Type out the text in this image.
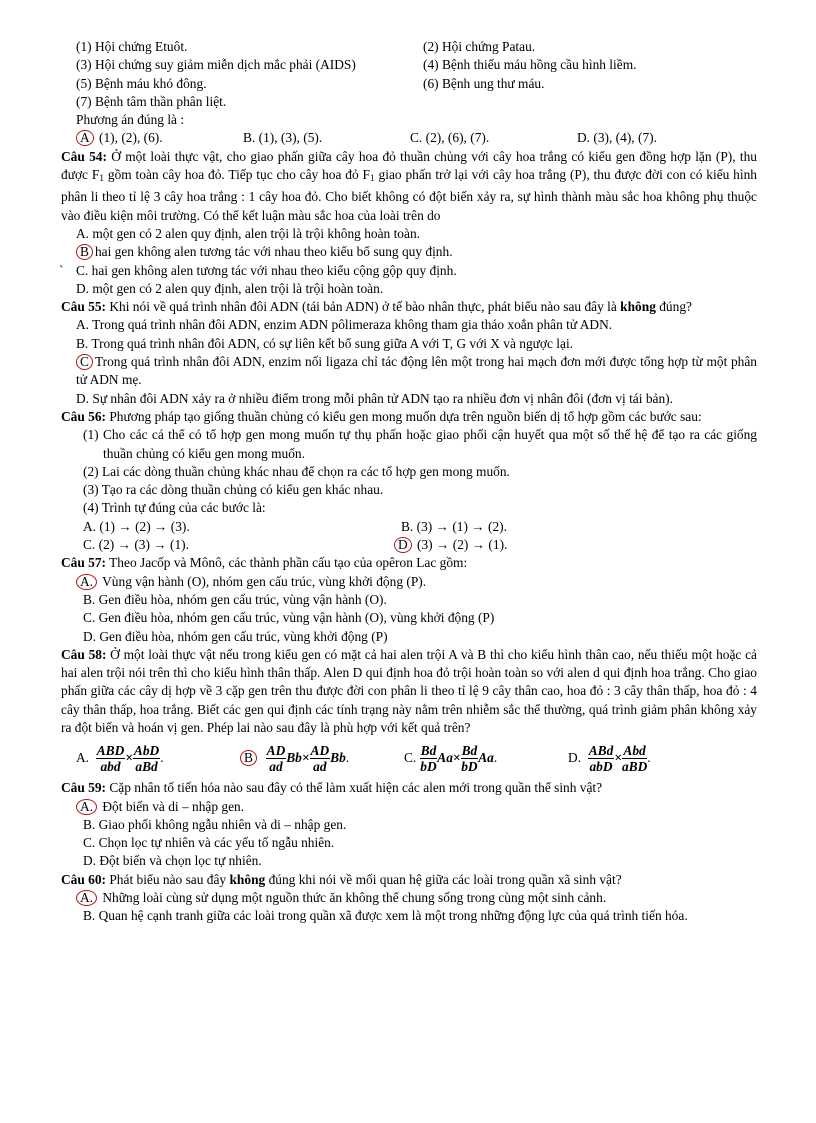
(1) Hội chứng Etuôt.	(2) Hội chứng Patau.
(3) Hội chứng suy giảm miễn dịch mắc phải (AIDS)	(4) Bệnh thiếu máu hồng cầu hình liềm.
(5) Bệnh máu khó đông.	(6) Bệnh ung thư máu.
(7) Bệnh tâm thần phân liệt.
Phương án đúng là :
A (1), (2), (6).	B. (1), (3), (5).	C. (2), (6), (7).	D. (3), (4), (7).
Câu 54: Ở một loài thực vật, cho giao phấn giữa cây hoa đỏ thuần chủng với cây hoa trắng có kiểu gen đồng hợp lặn (P), thu được $F_1$ gồm toàn cây hoa đỏ. Tiếp tục cho cây hoa đỏ $F_1$ giao phấn trở lại với cây hoa trắng (P), thu được đời con có kiểu hình phân li theo tỉ lệ 3 cây hoa trắng : 1 cây hoa đỏ. Cho biết không có đột biến xảy ra, sự hình thành màu sắc hoa không phụ thuộc vào điều kiện môi trường. Có thể kết luận màu sắc hoa của loài trên do
A. một gen có 2 alen quy định, alen trội là trội không hoàn toàn.
B hai gen không alen tương tác với nhau theo kiểu bổ sung quy định.
` C. hai gen không alen tương tác với nhau theo kiểu cộng gộp quy định.
D. một gen có 2 alen quy định, alen trội là trội hoàn toàn.
Câu 55: Khi nói về quá trình nhân đôi ADN (tái bản ADN) ở tế bào nhân thực, phát biểu nào sau đây là không đúng?
A. Trong quá trình nhân đôi ADN, enzim ADN pôlimeraza không tham gia tháo xoắn phân tử ADN.
B. Trong quá trình nhân đôi ADN, có sự liên kết bổ sung giữa A với T, G với X và ngược lại.
C Trong quá trình nhân đôi ADN, enzim nối ligaza chỉ tác động lên một trong hai mạch đơn mới được tổng hợp từ một phân tử ADN mẹ.
D. Sự nhân đôi ADN xảy ra ở nhiều điểm trong mỗi phân tử ADN tạo ra nhiều đơn vị nhân đôi (đơn vị tái bản).
Câu 56: Phương pháp tạo giống thuần chủng có kiểu gen mong muốn dựa trên nguồn biến dị tổ hợp gồm các bước sau:
(1) Cho các cá thể có tổ hợp gen mong muốn tự thụ phấn hoặc giao phối cận huyết qua một số thế hệ để tạo ra các giống thuần chủng có kiểu gen mong muốn.
(2) Lai các dòng thuần chủng khác nhau để chọn ra các tổ hợp gen mong muốn.
(3) Tạo ra các dòng thuần chủng có kiểu gen khác nhau.
(4) Trình tự đúng của các bước là:
A. (1) → (2) → (3).	B. (3) → (1) → (2).
C. (2) → (3) → (1).	D (3) → (2) → (1).
Câu 57: Theo Jacốp và Mônô, các thành phần cấu tạo của opêron Lac gồm:
A. Vùng vận hành (O), nhóm gen cấu trúc, vùng khởi động (P).
B. Gen điều hòa, nhóm gen cấu trúc, vùng vận hành (O).
C. Gen điều hòa, nhóm gen cấu trúc, vùng vận hành (O), vùng khởi động (P)
D. Gen điều hòa, nhóm gen cấu trúc, vùng khởi động (P)
Câu 58: Ở một loài thực vật nếu trong kiểu gen có mặt cả hai alen trội A và B thì cho kiểu hình thân cao, nếu thiếu một hoặc cả hai alen trội nói trên thì cho kiểu hình thân thấp. Alen D qui định hoa đỏ trội hoàn toàn so với alen d qui định hoa trắng. Cho giao phấn giữa các cây dị hợp về 3 cặp gen trên thu được đời con phân li theo tỉ lệ 9 cây thân cao, hoa đỏ : 3 cây thân thấp, hoa đỏ : 4 cây thân thấp, hoa trắng. Biết các gen qui định các tính trạng này nằm trên nhiễm sắc thể thường, quá trình giảm phân không xảy ra đột biến và hoán vị gen. Phép lai nào sau đây là phù hợp với kết quả trên?
A.
$\frac{\text{ABD}}{\text{abd}} \times \frac{\text{AbD}}{\text{aBd}}$ .	B
$\frac{AD}{ad}$ $Bb \times \frac{AD}{ad}$ Bb .	C.
$\frac{Bd}{bD}$ $Aa \times \frac{Bd}{bD}$ Aa .	D.
$\frac{\text{ABd}}{\text{abD}} \times \frac{\text{Abd}}{\text{aBD}}$ .
Câu 59: Cặp nhân tố tiến hóa nào sau đây có thể làm xuất hiện các alen mới trong quần thể sinh vật?
A. Đột biến và di – nhập gen.
B. Giao phối không ngẫu nhiên và di – nhập gen.
C. Chọn lọc tự nhiên và các yếu tố ngẫu nhiên.
D. Đột biến và chọn lọc tự nhiên.
Câu 60: Phát biểu nào sau đây không đúng khi nói về mối quan hệ giữa các loài trong quần xã sinh vật?
A. Những loài cùng sử dụng một nguồn thức ăn không thể chung sống trong cùng một sinh cảnh.
B. Quan hệ cạnh tranh giữa các loài trong quần xã được xem là một trong những động lực của quá trình tiến hóa.
